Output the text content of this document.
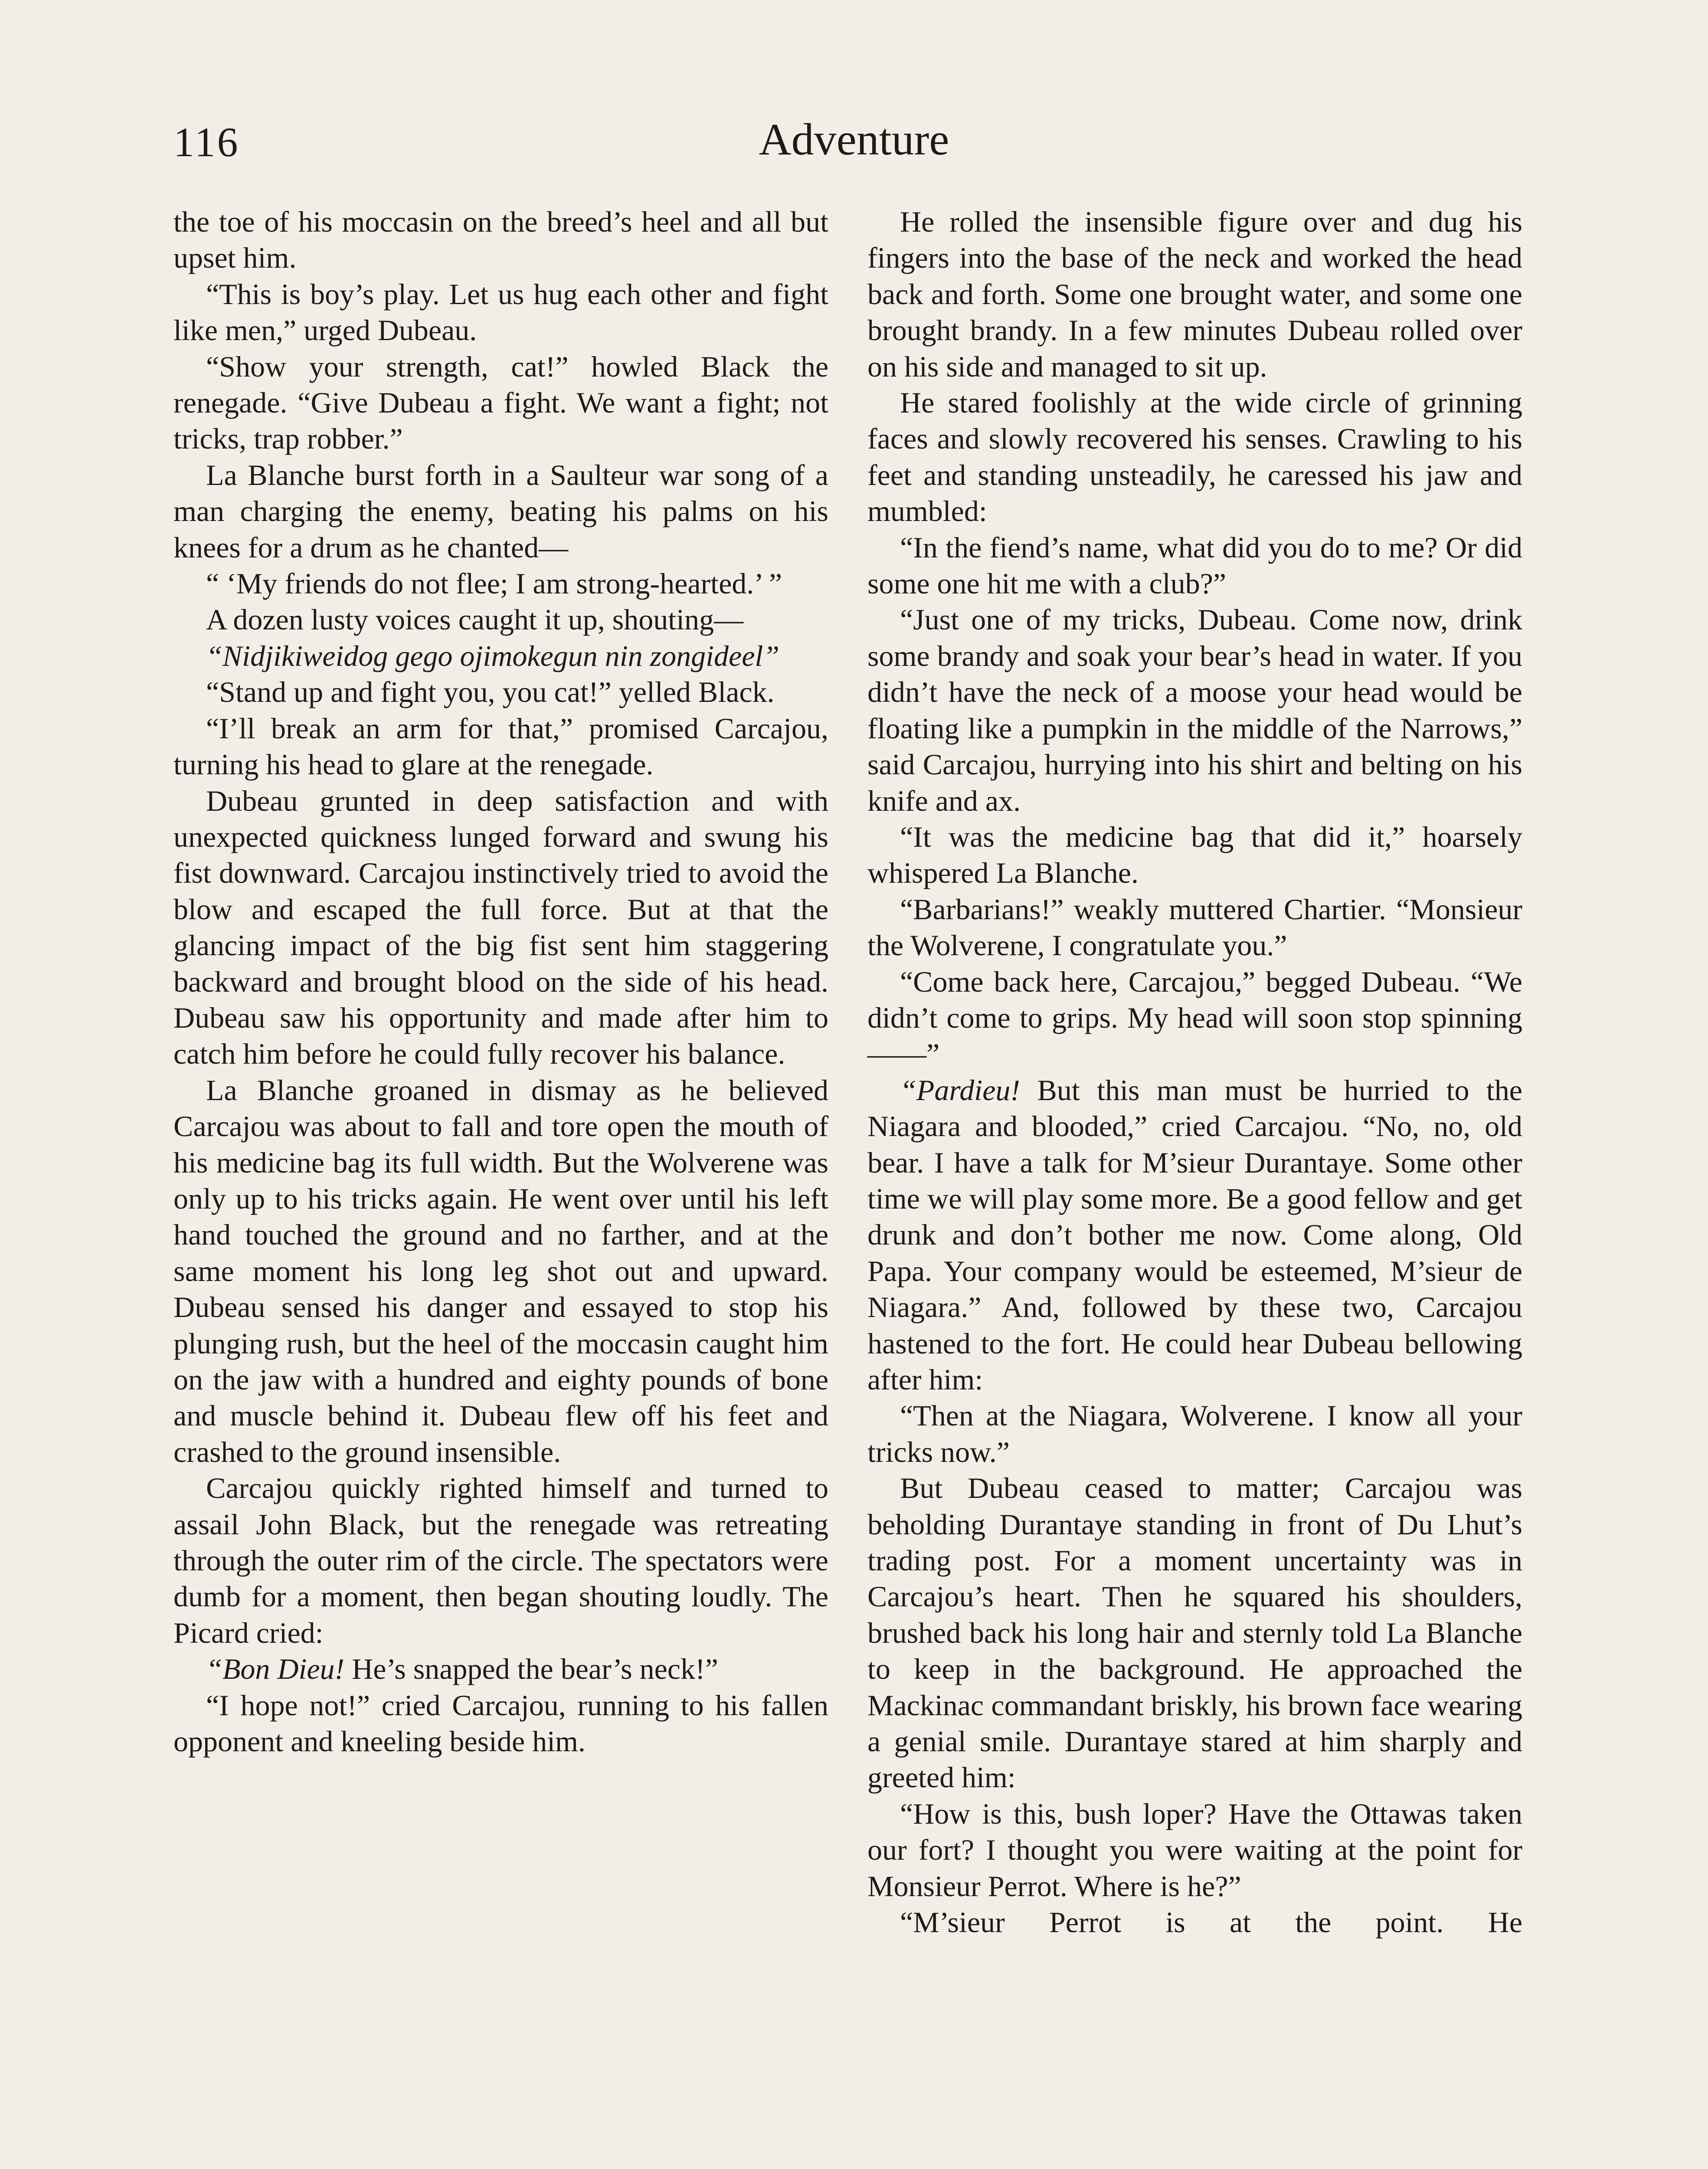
116	Adventure

the toe of his moccasin on the breed’s heel and all but upset him.

“This is boy’s play. Let us hug each other and fight like men,” urged Dubeau.

“Show your strength, cat!” howled Black the renegade. “Give Dubeau a fight. We want a fight; not tricks, trap robber.”

La Blanche burst forth in a Saulteur war song of a man charging the enemy, beating his palms on his knees for a drum as he chanted—

“ ‘My friends do not flee; I am strong-hearted.’ ”

A dozen lusty voices caught it up, shouting—

“Nidjikiweidog gego ojimokegun nin zongideel”

“Stand up and fight you, you cat!” yelled Black.

“I’ll break an arm for that,” promised Carcajou, turning his head to glare at the renegade.

Dubeau grunted in deep satisfaction and with unexpected quickness lunged forward and swung his fist downward. Carcajou instinctively tried to avoid the blow and escaped the full force. But at that the glancing impact of the big fist sent him staggering backward and brought blood on the side of his head. Dubeau saw his opportunity and made after him to catch him before he could fully recover his balance.

La Blanche groaned in dismay as he believed Carcajou was about to fall and tore open the mouth of his medicine bag its full width. But the Wolverene was only up to his tricks again. He went over until his left hand touched the ground and no farther, and at the same moment his long leg shot out and upward. Dubeau sensed his danger and essayed to stop his plunging rush, but the heel of the moccasin caught him on the jaw with a hundred and eighty pounds of bone and muscle behind it. Dubeau flew off his feet and crashed to the ground insensible.

Carcajou quickly righted himself and turned to assail John Black, but the renegade was retreating through the outer rim of the circle. The spectators were dumb for a moment, then began shouting loudly. The Picard cried:

“Bon Dieu! He’s snapped the bear’s neck!”

“I hope not!” cried Carcajou, running to his fallen opponent and kneeling beside him.

He rolled the insensible figure over and dug his fingers into the base of the neck and worked the head back and forth. Some one brought water, and some one brought brandy. In a few minutes Dubeau rolled over on his side and managed to sit up.

He stared foolishly at the wide circle of grinning faces and slowly recovered his senses. Crawling to his feet and standing unsteadily, he caressed his jaw and mumbled:

“In the fiend’s name, what did you do to me? Or did some one hit me with a club?”

“Just one of my tricks, Dubeau. Come now, drink some brandy and soak your bear’s head in water. If you didn’t have the neck of a moose your head would be floating like a pumpkin in the middle of the Narrows,” said Carcajou, hurrying into his shirt and belting on his knife and ax.

“It was the medicine bag that did it,” hoarsely whispered La Blanche.

“Barbarians!” weakly muttered Chartier. “Monsieur the Wolverene, I congratulate you.”

“Come back here, Carcajou,” begged Dubeau. “We didn’t come to grips. My head will soon stop spinning——”

“Pardieu! But this man must be hurried to the Niagara and blooded,” cried Carcajou. “No, no, old bear. I have a talk for M’sieur Durantaye. Some other time we will play some more. Be a good fellow and get drunk and don’t bother me now. Come along, Old Papa. Your company would be esteemed, M’sieur de Niagara.” And, followed by these two, Carcajou hastened to the fort. He could hear Dubeau bellowing after him:

“Then at the Niagara, Wolverene. I know all your tricks now.”

But Dubeau ceased to matter; Carcajou was beholding Durantaye standing in front of Du Lhut’s trading post. For a moment uncertainty was in Carcajou’s heart. Then he squared his shoulders, brushed back his long hair and sternly told La Blanche to keep in the background. He approached the Mackinac commandant briskly, his brown face wearing a genial smile. Durantaye stared at him sharply and greeted him:

“How is this, bush loper? Have the Ottawas taken our fort? I thought you were waiting at the point for Monsieur Perrot. Where is he?”

“M’sieur Perrot is at the point. He
